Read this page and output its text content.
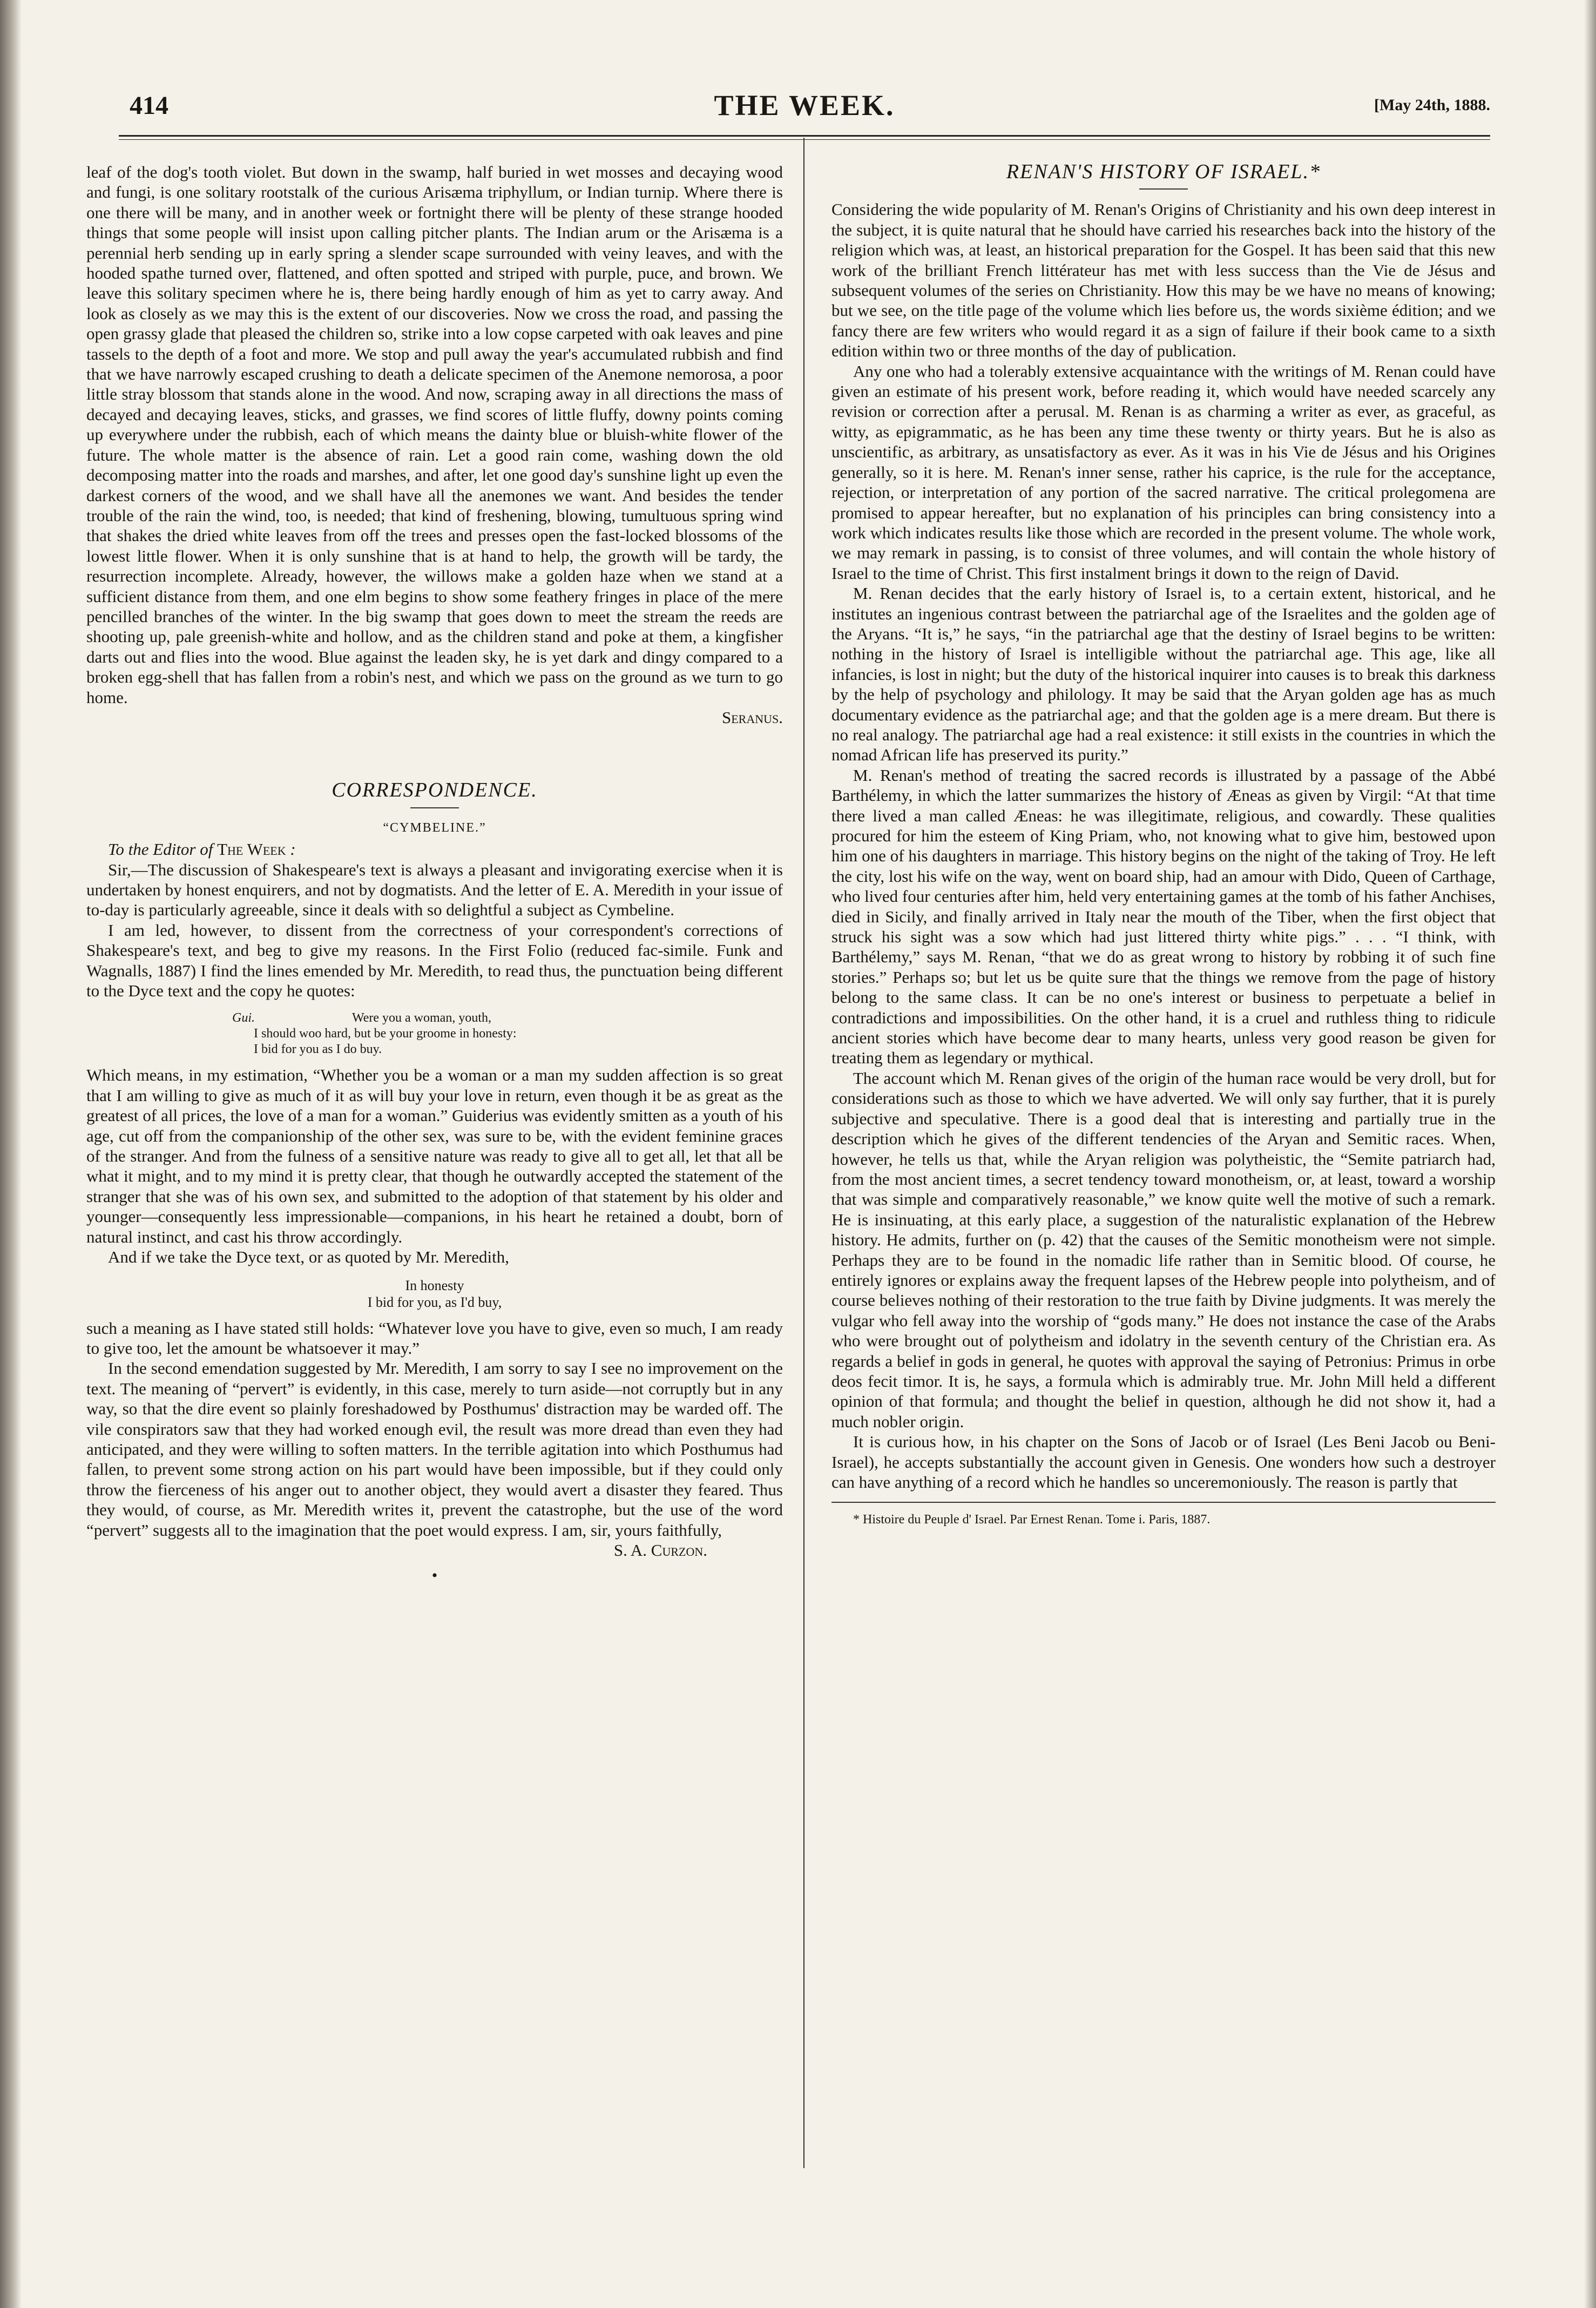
414	THE WEEK.	[May 24th, 1888.

leaf of the dog's tooth violet. But down in the swamp, half buried in wet mosses and decaying wood and fungi, is one solitary rootstalk of the curious Arisæma triphyllum, or Indian turnip. Where there is one there will be many, and in another week or fortnight there will be plenty of these strange hooded things that some people will insist upon calling pitcher plants. The Indian arum or the Arisæma is a perennial herb sending up in early spring a slender scape surrounded with veiny leaves, and with the hooded spathe turned over, flattened, and often spotted and striped with purple, puce, and brown. We leave this solitary specimen where he is, there being hardly enough of him as yet to carry away. And look as closely as we may this is the extent of our discoveries. Now we cross the road, and passing the open grassy glade that pleased the children so, strike into a low copse carpeted with oak leaves and pine tassels to the depth of a foot and more. We stop and pull away the year's accumulated rubbish and find that we have narrowly escaped crushing to death a delicate specimen of the Anemone nemorosa, a poor little stray blossom that stands alone in the wood. And now, scraping away in all directions the mass of decayed and decaying leaves, sticks, and grasses, we find scores of little fluffy, downy points coming up everywhere under the rubbish, each of which means the dainty blue or bluish-white flower of the future. The whole matter is the absence of rain. Let a good rain come, washing down the old decomposing matter into the roads and marshes, and after, let one good day's sunshine light up even the darkest corners of the wood, and we shall have all the anemones we want. And besides the tender trouble of the rain the wind, too, is needed; that kind of freshening, blowing, tumultuous spring wind that shakes the dried white leaves from off the trees and presses open the fast-locked blossoms of the lowest little flower. When it is only sunshine that is at hand to help, the growth will be tardy, the resurrection incomplete. Already, however, the willows make a golden haze when we stand at a sufficient distance from them, and one elm begins to show some feathery fringes in place of the mere pencilled branches of the winter. In the big swamp that goes down to meet the stream the reeds are shooting up, pale greenish-white and hollow, and as the children stand and poke at them, a kingfisher darts out and flies into the wood. Blue against the leaden sky, he is yet dark and dingy compared to a broken egg-shell that has fallen from a robin's nest, and which we pass on the ground as we turn to go home.

Seranus.
CORRESPONDENCE.
“CYMBELINE.”

To the Editor of The Week :

Sir,—The discussion of Shakespeare's text is always a pleasant and invigorating exercise when it is undertaken by honest enquirers, and not by dogmatists. And the letter of E. A. Meredith in your issue of to-day is particularly agreeable, since it deals with so delightful a subject as Cymbeline.

I am led, however, to dissent from the correctness of your correspondent's corrections of Shakespeare's text, and beg to give my reasons. In the First Folio (reduced fac-simile. Funk and Wagnalls, 1887) I find the lines emended by Mr. Meredith, to read thus, the punctuation being different to the Dyce text and the copy he quotes:

Gui.	Were you a woman, youth,
I should woo hard, but be your groome in honesty:
I bid for you as I do buy.

Which means, in my estimation, “Whether you be a woman or a man my sudden affection is so great that I am willing to give as much of it as will buy your love in return, even though it be as great as the greatest of all prices, the love of a man for a woman.” Guiderius was evidently smitten as a youth of his age, cut off from the companionship of the other sex, was sure to be, with the evident feminine graces of the stranger. And from the fulness of a sensitive nature was ready to give all to get all, let that all be what it might, and to my mind it is pretty clear, that though he outwardly accepted the statement of the stranger that she was of his own sex, and submitted to the adoption of that statement by his older and younger—consequently less impressionable—companions, in his heart he retained a doubt, born of natural instinct, and cast his throw accordingly.

And if we take the Dyce text, or as quoted by Mr. Meredith,

In honesty
I bid for you, as I'd buy,

such a meaning as I have stated still holds: “Whatever love you have to give, even so much, I am ready to give too, let the amount be whatsoever it may.”

In the second emendation suggested by Mr. Meredith, I am sorry to say I see no improvement on the text. The meaning of “pervert” is evidently, in this case, merely to turn aside—not corruptly but in any way, so that the dire event so plainly foreshadowed by Posthumus' distraction may be warded off. The vile conspirators saw that they had worked enough evil, the result was more dread than even they had anticipated, and they were willing to soften matters. In the terrible agitation into which Posthumus had fallen, to prevent some strong action on his part would have been impossible, but if they could only throw the fierceness of his anger out to another object, they would avert a disaster they feared. Thus they would, of course, as Mr. Meredith writes it, prevent the catastrophe, but the use of the word “pervert” suggests all to the imagination that the poet would express. I am, sir, yours faithfully,

S. A. Curzon.
•
RENAN'S HISTORY OF ISRAEL.*

Considering the wide popularity of M. Renan's Origins of Christianity and his own deep interest in the subject, it is quite natural that he should have carried his researches back into the history of the religion which was, at least, an historical preparation for the Gospel. It has been said that this new work of the brilliant French littérateur has met with less success than the Vie de Jésus and subsequent volumes of the series on Christianity. How this may be we have no means of knowing; but we see, on the title page of the volume which lies before us, the words sixième édition; and we fancy there are few writers who would regard it as a sign of failure if their book came to a sixth edition within two or three months of the day of publication.

Any one who had a tolerably extensive acquaintance with the writings of M. Renan could have given an estimate of his present work, before reading it, which would have needed scarcely any revision or correction after a perusal. M. Renan is as charming a writer as ever, as graceful, as witty, as epigrammatic, as he has been any time these twenty or thirty years. But he is also as unscientific, as arbitrary, as unsatisfactory as ever. As it was in his Vie de Jésus and his Origines generally, so it is here. M. Renan's inner sense, rather his caprice, is the rule for the acceptance, rejection, or interpretation of any portion of the sacred narrative. The critical prolegomena are promised to appear hereafter, but no explanation of his principles can bring consistency into a work which indicates results like those which are recorded in the present volume. The whole work, we may remark in passing, is to consist of three volumes, and will contain the whole history of Israel to the time of Christ. This first instalment brings it down to the reign of David.

M. Renan decides that the early history of Israel is, to a certain extent, historical, and he institutes an ingenious contrast between the patriarchal age of the Israelites and the golden age of the Aryans. “It is,” he says, “in the patriarchal age that the destiny of Israel begins to be written: nothing in the history of Israel is intelligible without the patriarchal age. This age, like all infancies, is lost in night; but the duty of the historical inquirer into causes is to break this darkness by the help of psychology and philology. It may be said that the Aryan golden age has as much documentary evidence as the patriarchal age; and that the golden age is a mere dream. But there is no real analogy. The patriarchal age had a real existence: it still exists in the countries in which the nomad African life has preserved its purity.”

M. Renan's method of treating the sacred records is illustrated by a passage of the Abbé Barthélemy, in which the latter summarizes the history of Æneas as given by Virgil: “At that time there lived a man called Æneas: he was illegitimate, religious, and cowardly. These qualities procured for him the esteem of King Priam, who, not knowing what to give him, bestowed upon him one of his daughters in marriage. This history begins on the night of the taking of Troy. He left the city, lost his wife on the way, went on board ship, had an amour with Dido, Queen of Carthage, who lived four centuries after him, held very entertaining games at the tomb of his father Anchises, died in Sicily, and finally arrived in Italy near the mouth of the Tiber, when the first object that struck his sight was a sow which had just littered thirty white pigs.” . . . “I think, with Barthélemy,” says M. Renan, “that we do as great wrong to history by robbing it of such fine stories.” Perhaps so; but let us be quite sure that the things we remove from the page of history belong to the same class. It can be no one's interest or business to perpetuate a belief in contradictions and impossibilities. On the other hand, it is a cruel and ruthless thing to ridicule ancient stories which have become dear to many hearts, unless very good reason be given for treating them as legendary or mythical.

The account which M. Renan gives of the origin of the human race would be very droll, but for considerations such as those to which we have adverted. We will only say further, that it is purely subjective and speculative. There is a good deal that is interesting and partially true in the description which he gives of the different tendencies of the Aryan and Semitic races. When, however, he tells us that, while the Aryan religion was polytheistic, the “Semite patriarch had, from the most ancient times, a secret tendency toward monotheism, or, at least, toward a worship that was simple and comparatively reasonable,” we know quite well the motive of such a remark. He is insinuating, at this early place, a suggestion of the naturalistic explanation of the Hebrew history. He admits, further on (p. 42) that the causes of the Semitic monotheism were not simple. Perhaps they are to be found in the nomadic life rather than in Semitic blood. Of course, he entirely ignores or explains away the frequent lapses of the Hebrew people into polytheism, and of course believes nothing of their restoration to the true faith by Divine judgments. It was merely the vulgar who fell away into the worship of “gods many.” He does not instance the case of the Arabs who were brought out of polytheism and idolatry in the seventh century of the Christian era. As regards a belief in gods in general, he quotes with approval the saying of Petronius: Primus in orbe deos fecit timor. It is, he says, a formula which is admirably true. Mr. John Mill held a different opinion of that formula; and thought the belief in question, although he did not show it, had a much nobler origin.

It is curious how, in his chapter on the Sons of Jacob or of Israel (Les Beni Jacob ou Beni-Israel), he accepts substantially the account given in Genesis. One wonders how such a destroyer can have anything of a record which he handles so unceremoniously. The reason is partly that

* Histoire du Peuple d' Israel. Par Ernest Renan. Tome i. Paris, 1887.
